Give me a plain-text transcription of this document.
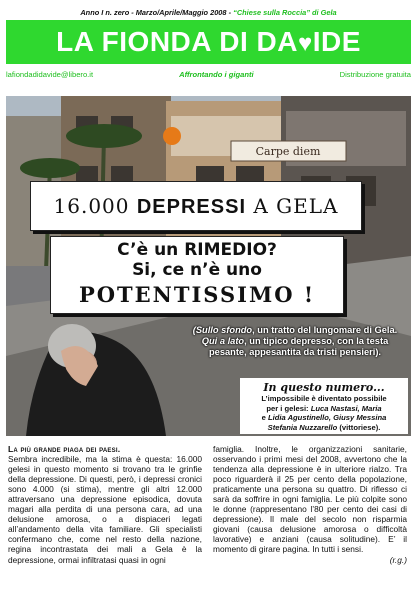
Anno I n. zero - Marzo/Aprile/Maggio 2008 -
“Chiese sulla Roccia” di Gela
LA FIONDA DI DA♥IDE
lafiondadidavide@libero.it	Affrontando i giganti	Distribuzione gratuita
Carpe diem
16.000 DEPRESSI A GELA
C’è un RIMEDIO?
Si, ce n’è uno
POTENTISSIMO !
(Sullo sfondo, un tratto del lungomare di Gela. Qui a lato, un tipico depresso, con la testa pesante, appesantita da tristi pensieri).
In questo numero...
L’impossibile è diventato possibile
per i gelesi: Luca Nastasi, Maria
e Lidia Agustinello, Giusy Messina
Stefania Nuzzarello (vittoriese).
La più grande piaga dei paesi.
Sembra incredibile, ma la stima è questa: 16.000 gelesi in questo momento si trovano tra le grinfie della depressione. Di questi, però, i depressi cronici sono 4.000 (si stima), mentre gli altri 12.000 attraversano una depressione episodica, dovuta magari alla perdita di una persona cara, ad una delusione amorosa, o a dispiaceri legati all’andamento della vita familiare. Gli specialisti confermano che, come nel resto della nazione, regina incontrastata dei mali a Gela è la depressione, ormai infiltratasi quasi in ogni
famiglia. Inoltre, le organizzazioni sanitarie, osservando i primi mesi del 2008, avvertono che la tendenza alla depressione è in ulteriore rialzo. Tra poco riguarderà il 25 per cento della popolazione, praticamente una persona su quattro. Di riflesso ci sarà da soffrire in ogni famiglia. Le più colpite sono le donne (rappresentano l’80 per cento dei casi di depressione). Il male del secolo non risparmia giovani (causa delusione amorosa o difficoltà lavorative) e anziani (causa solitudine). E’ il momento di girare pagina. In tutti i sensi.
(r.g.)
